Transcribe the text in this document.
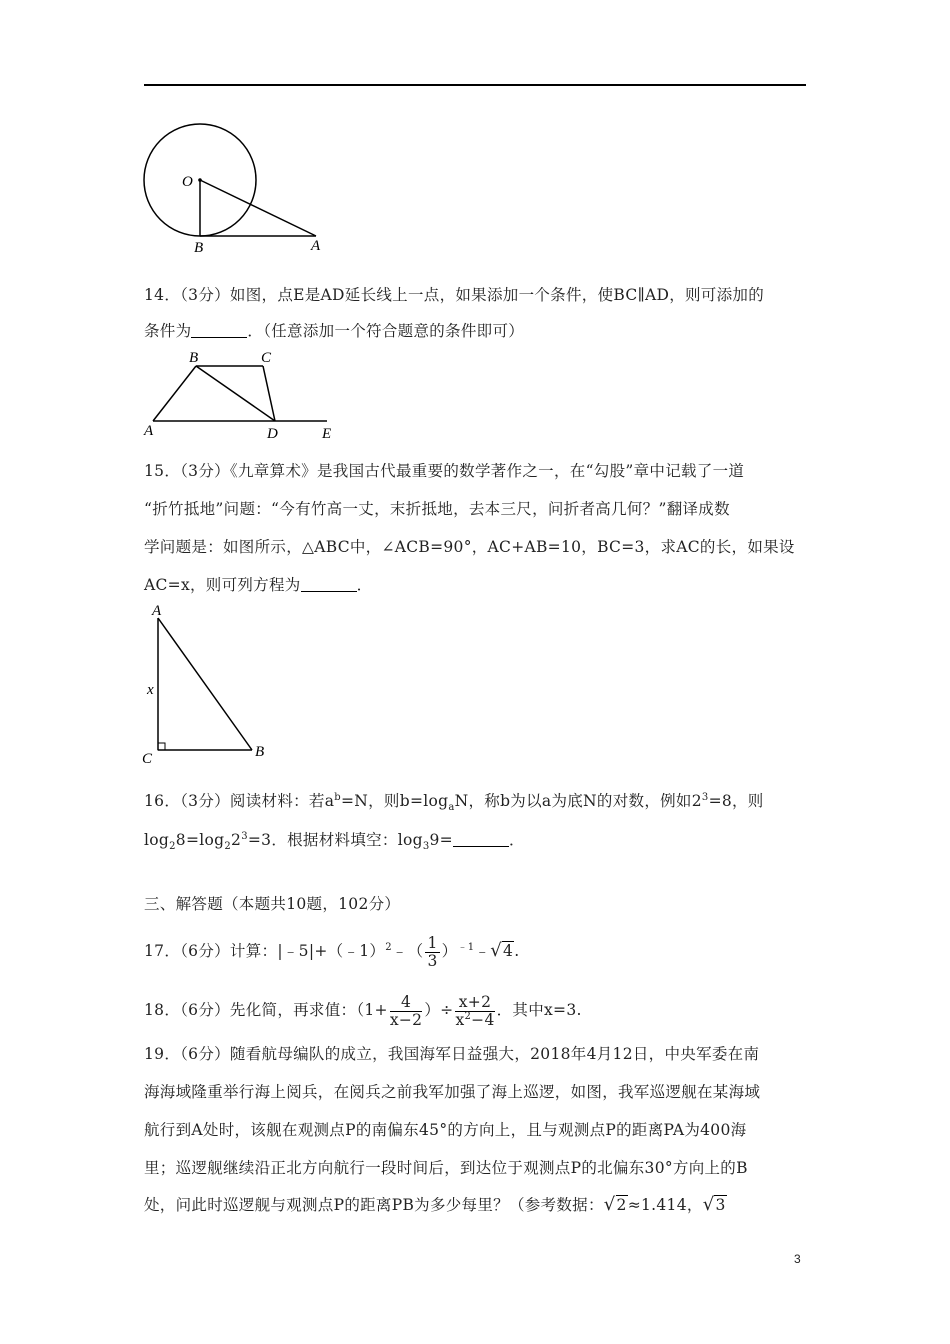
O
B	A
14．（3分）如图，点E是AD延长线上一点，如果添加一个条件，使BC∥AD，则可添加的
条件为	．（任意添加一个符合题意的条件即可）
B	C
A	D	E
15．（3分）《九章算术》是我国古代最重要的数学著作之一，在“勾股”章中记载了一道
“折竹抵地”问题：“今有竹高一丈，末折抵地，去本三尺，问折者高几何？”翻译成数
学问题是：如图所示，△ABC中，∠ACB=90°，AC+AB=10，BC=3，求AC的长，如果设
AC=x，则可列方程为	．
A
x
C	B
16．（3分）阅读材料：若$a^b=N$，则$b=\log_aN$，称b为以a为底N的对数，例如$2^3=8$，则
$\log_28=\log_22^3=3$．根据材料填空：$\log_39=$	．
三、解答题（本题共10题，102分）
17．（6分）计算：|﹣5|+（﹣1）$^2$﹣（ $\frac{1}{3}$ ）$^{﹣1}$﹣√4.
18．（6分）先化简，再求值：（$1+ \frac{4}{x-2}$ ）÷ $\frac{x+2}{x^2-4}$ ．其中x=3.
19．（6分）随看航母编队的成立，我国海军日益强大，2018年4月12日，中央军委在南
海海域隆重举行海上阅兵，在阅兵之前我军加强了海上巡逻，如图，我军巡逻舰在某海域
航行到A处时，该舰在观测点P的南偏东45°的方向上，且与观测点P的距离PA为400海
里；巡逻舰继续沿正北方向航行一段时间后，到达位于观测点P的北偏东30°方向上的B
处，问此时巡逻舰与观测点P的距离PB为多少每里？（参考数据：√2≈1.414，√3
3
